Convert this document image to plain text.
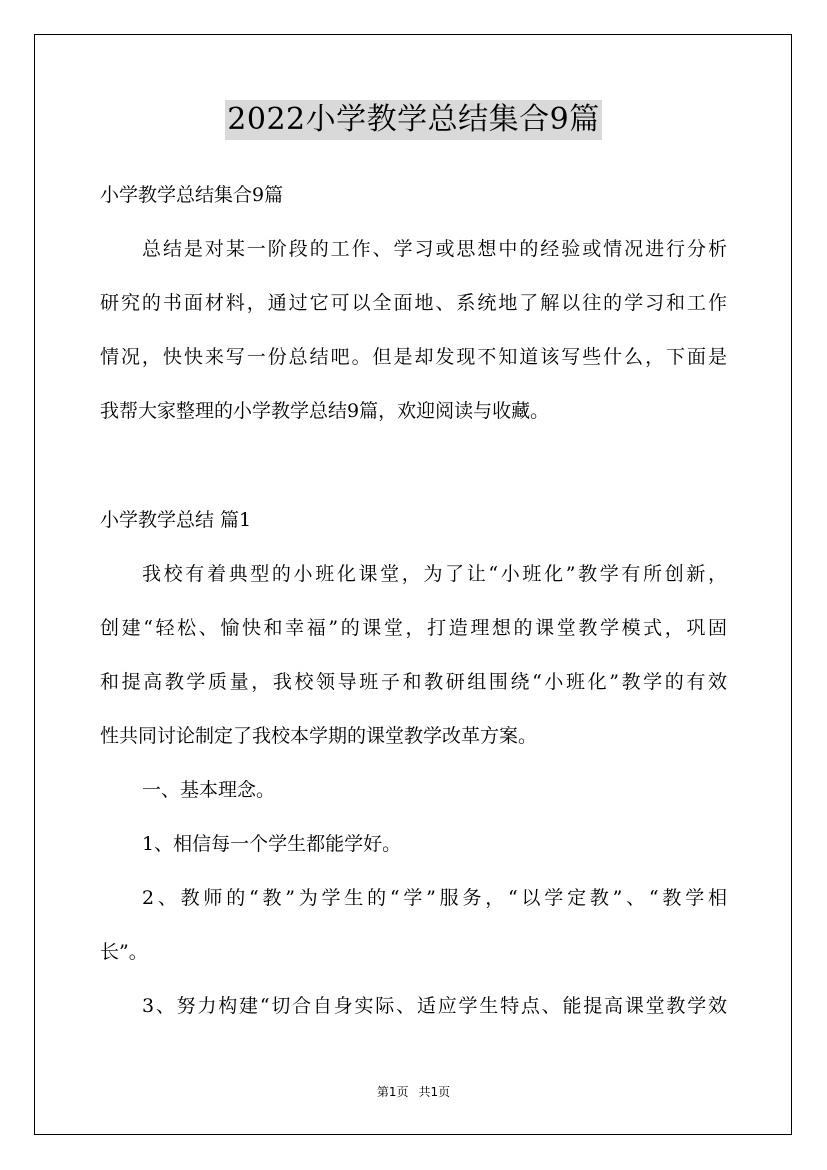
2022小学教学总结集合9篇
小学教学总结集合9篇
总结是对某一阶段的工作、学习或思想中的经验或情况进行分析
研究的书面材料，通过它可以全面地、系统地了解以往的学习和工作
情况，快快来写一份总结吧。但是却发现不知道该写些什么，下面是
我帮大家整理的小学教学总结9篇，欢迎阅读与收藏。
小学教学总结 篇1
我校有着典型的小班化课堂，为了让“小班化”教学有所创新，
创建“轻松、愉快和幸福”的课堂，打造理想的课堂教学模式，巩固
和提高教学质量，我校领导班子和教研组围绕“小班化”教学的有效
性共同讨论制定了我校本学期的课堂教学改革方案。
一、基本理念。
1、相信每一个学生都能学好。
2、教师的“教”为学生的“学”服务，“以学定教”、“教学相
长”。
3、努力构建“切合自身实际、适应学生特点、能提高课堂教学效
第1页 共1页
